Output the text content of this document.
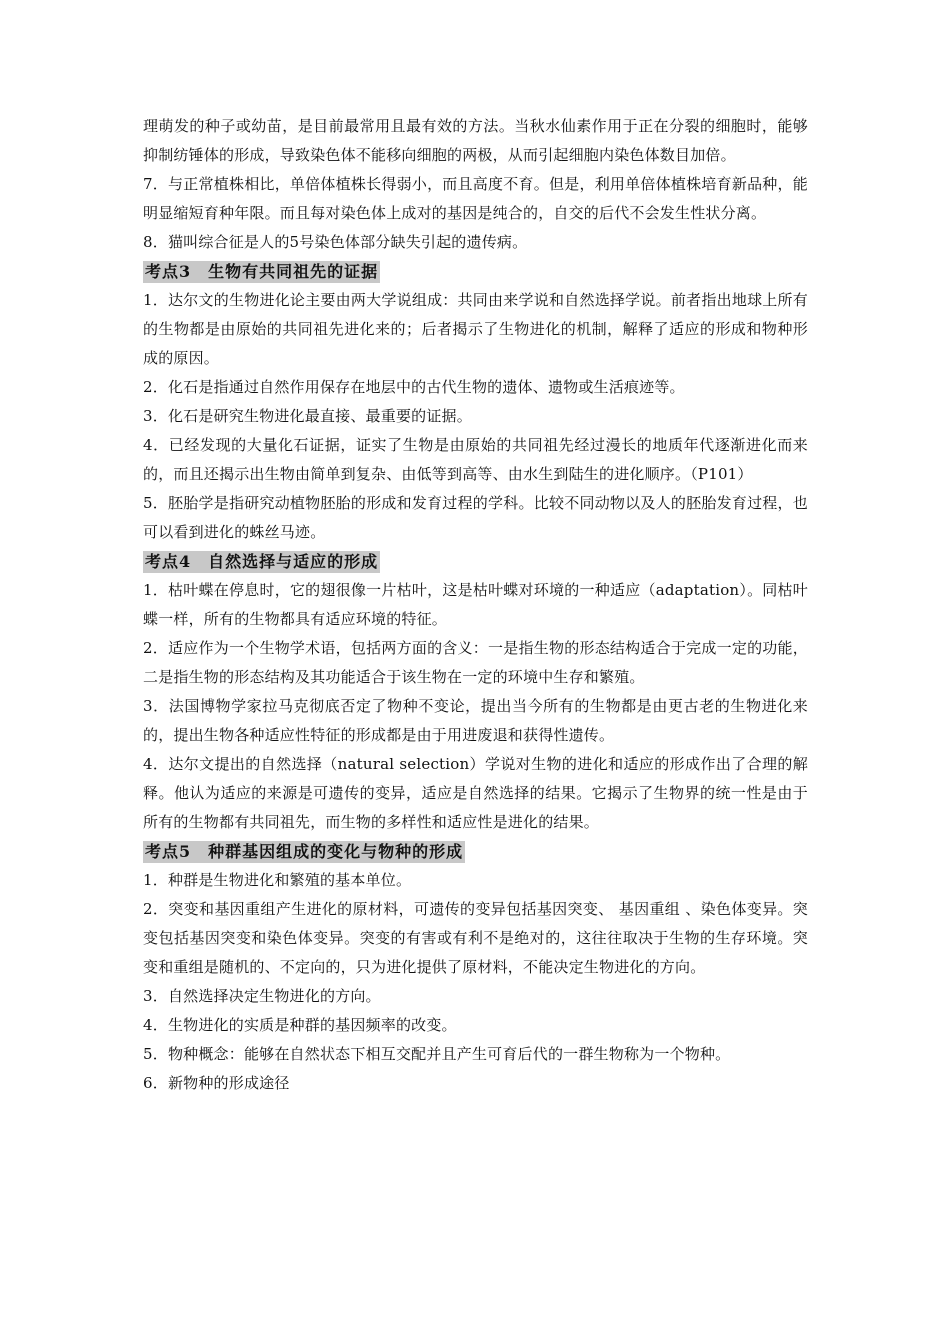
理萌发的种子或幼苗，是目前最常用且最有效的方法。当秋水仙素作用于正在分裂的细胞时，能够抑制纺锤体的形成，导致染色体不能移向细胞的两极，从而引起细胞内染色体数目加倍。

7．与正常植株相比，单倍体植株长得弱小，而且高度不育。但是，利用单倍体植株培育新品种，能明显缩短育种年限。而且每对染色体上成对的基因是纯合的，自交的后代不会发生性状分离。

8．猫叫综合征是人的5号染色体部分缺失引起的遗传病。

考点3　生物有共同祖先的证据

1．达尔文的生物进化论主要由两大学说组成：共同由来学说和自然选择学说。前者指出地球上所有的生物都是由原始的共同祖先进化来的；后者揭示了生物进化的机制，解释了适应的形成和物种形成的原因。

2．化石是指通过自然作用保存在地层中的古代生物的遗体、遗物或生活痕迹等。

3．化石是研究生物进化最直接、最重要的证据。

4．已经发现的大量化石证据，证实了生物是由原始的共同祖先经过漫长的地质年代逐渐进化而来的，而且还揭示出生物由简单到复杂、由低等到高等、由水生到陆生的进化顺序。（P101）

5．胚胎学是指研究动植物胚胎的形成和发育过程的学科。比较不同动物以及人的胚胎发育过程，也可以看到进化的蛛丝马迹。

考点4　自然选择与适应的形成

1．枯叶蝶在停息时，它的翅很像一片枯叶，这是枯叶蝶对环境的一种适应（adaptation）。同枯叶蝶一样，所有的生物都具有适应环境的特征。

2．适应作为一个生物学术语，包括两方面的含义：一是指生物的形态结构适合于完成一定的功能，二是指生物的形态结构及其功能适合于该生物在一定的环境中生存和繁殖。

3．法国博物学家拉马克彻底否定了物种不变论，提出当今所有的生物都是由更古老的生物进化来的，提出生物各种适应性特征的形成都是由于用进废退和获得性遗传。

4．达尔文提出的自然选择（natural selection）学说对生物的进化和适应的形成作出了合理的解释。他认为适应的来源是可遗传的变异，适应是自然选择的结果。它揭示了生物界的统一性是由于所有的生物都有共同祖先，而生物的多样性和适应性是进化的结果。

考点5　种群基因组成的变化与物种的形成

1．种群是生物进化和繁殖的基本单位。

2．突变和基因重组产生进化的原材料，可遗传的变异包括基因突变、 基因重组 、染色体变异。突变包括基因突变和染色体变异。突变的有害或有利不是绝对的，这往往取决于生物的生存环境。突变和重组是随机的、不定向的，只为进化提供了原材料，不能决定生物进化的方向。

3．自然选择决定生物进化的方向。

4．生物进化的实质是种群的基因频率的改变。

5．物种概念：能够在自然状态下相互交配并且产生可育后代的一群生物称为一个物种。

6．新物种的形成途径
